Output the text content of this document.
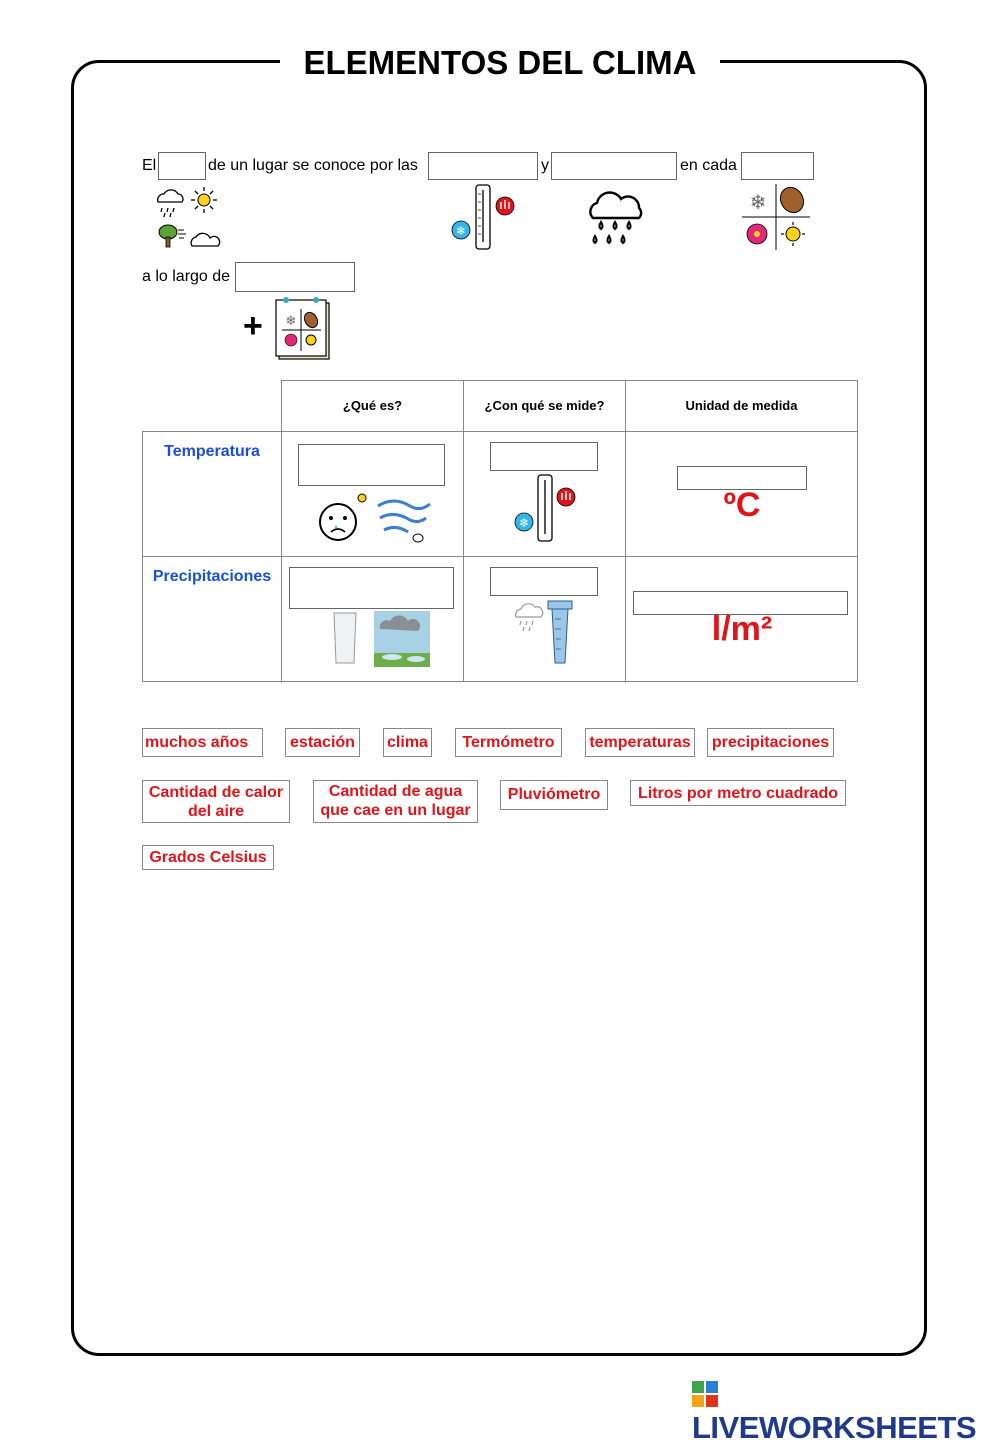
ELEMENTOS DEL CLIMA
El	de un lugar se conoce por las	y	en cada
❄
❄
a lo largo de
+ ❄

	¿Qué es?	¿Con qué se mide?	Unidad de medida

Temperatura		❄	ºC

Precipitaciones			l/m²
muchos años	estación	clima	Termómetro	temperaturas	precipitaciones
Cantidad de calor del aire
Cantidad de agua que cae en un lugar
Pluviómetro	Litros por metro cuadrado
Grados Celsius
LIVEWORKSHEETS
